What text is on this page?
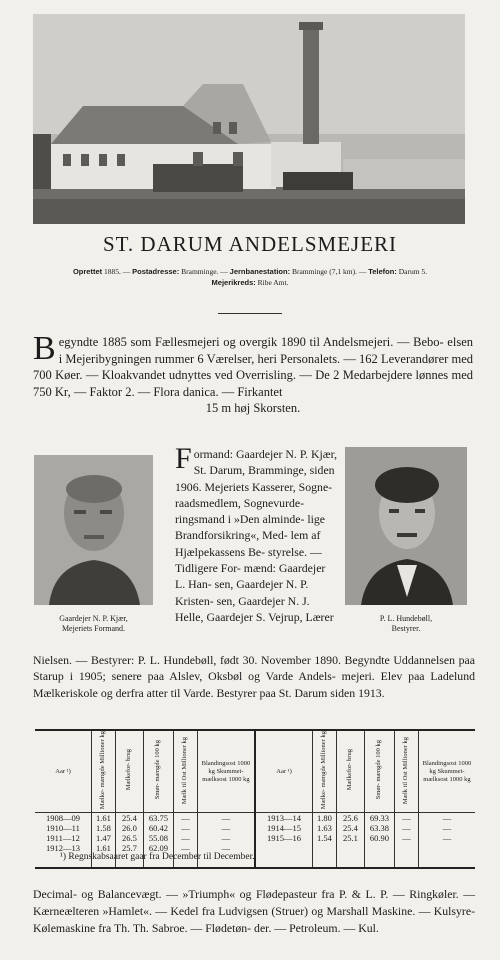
ST. DARUM ANDELSMEJERI
Oprettet 1885. — Postadresse: Bramminge. — Jernbanestation: Bramminge (7,1 km). — Telefon: Darum 5.
Mejerikreds: Ribe Amt.
Begyndte 1885 som Fællesmejeri og overgik 1890 til Andelsmejeri. — Bebo- elsen i Mejeribygningen rummer 6 Værelser, heri Personalets. — 162 Leverandører med 700 Køer. — Kloakvandet udnyttes ved Overrisling. — De 2 Medarbejdere lønnes med 750 Kr, — Faktor 2. — Flora danica. — Firkantet
15 m høj Skorsten.
Gaardejer N. P. Kjær,
Mejeriets Formand.
P. L. Hundebøll,
Bestyrer.
Formand: Gaardejer N. P. Kjær, St. Darum, Bramminge, siden 1906. Mejeriets Kasserer, Sogne- raadsmedlem, Sognevurde- ringsmand i »Den alminde- lige Brandforsikring«, Med- lem af Hjælpekassens Be- styrelse. — Tidligere For- mænd: Gaardejer L. Han- sen, Gaardejer N. P. Kristen- sen, Gaardejer N. J. Helle, Gaardejer S. Vejrup, Lærer
Nielsen. — Bestyrer: P. L. Hundebøll, født 30. November 1890. Begyndte Uddannelsen paa Starup i 1905; senere paa Alslev, Oksbøl og Varde Andels- mejeri. Elev paa Ladelund Mælkeriskole og derfra atter til Varde. Bestyrer paa St. Darum siden 1913.
Aar ¹)	Mælke- mængde Millioner kg	Mælkefor- brug	Smør- mængde 100 kg	Mælk til Ost Millioner kg	Blandingsost 1000 kg Skummet- mælksost 1000 kg	Aar ¹)	Mælke- mængde Millioner kg	Mælkefor- brug	Smør- mængde 100 kg	Mælk til Ost Millioner kg	Blandingsost 1000 kg Skummet- mælksost 1000 kg
1908—09	1.61	25.4	63.75	—	—	1913—14	1.80	25.6	69.33	—	—
1910—11	1.58	26.0	60.42	—	—	1914—15	1.63	25.4	63.38	—	—
1911—12	1.47	26.5	55.08	—	—	1915—16	1.54	25.1	60.90	—	—
1912—13	1.61	25.7	62.09	—	—						
¹) Regnskabsaaret gaar fra December til December.
Decimal- og Balancevægt. — »Triumph« og Flødepasteur fra P. & L. P. — Ringkøler. — Kærneælteren »Hamlet«. — Kedel fra Ludvigsen (Struer) og Marshall Maskine. — Kulsyre-Kølemaskine fra Th. Th. Sabroe. — Flødetøn- der. — Petroleum. — Kul.
